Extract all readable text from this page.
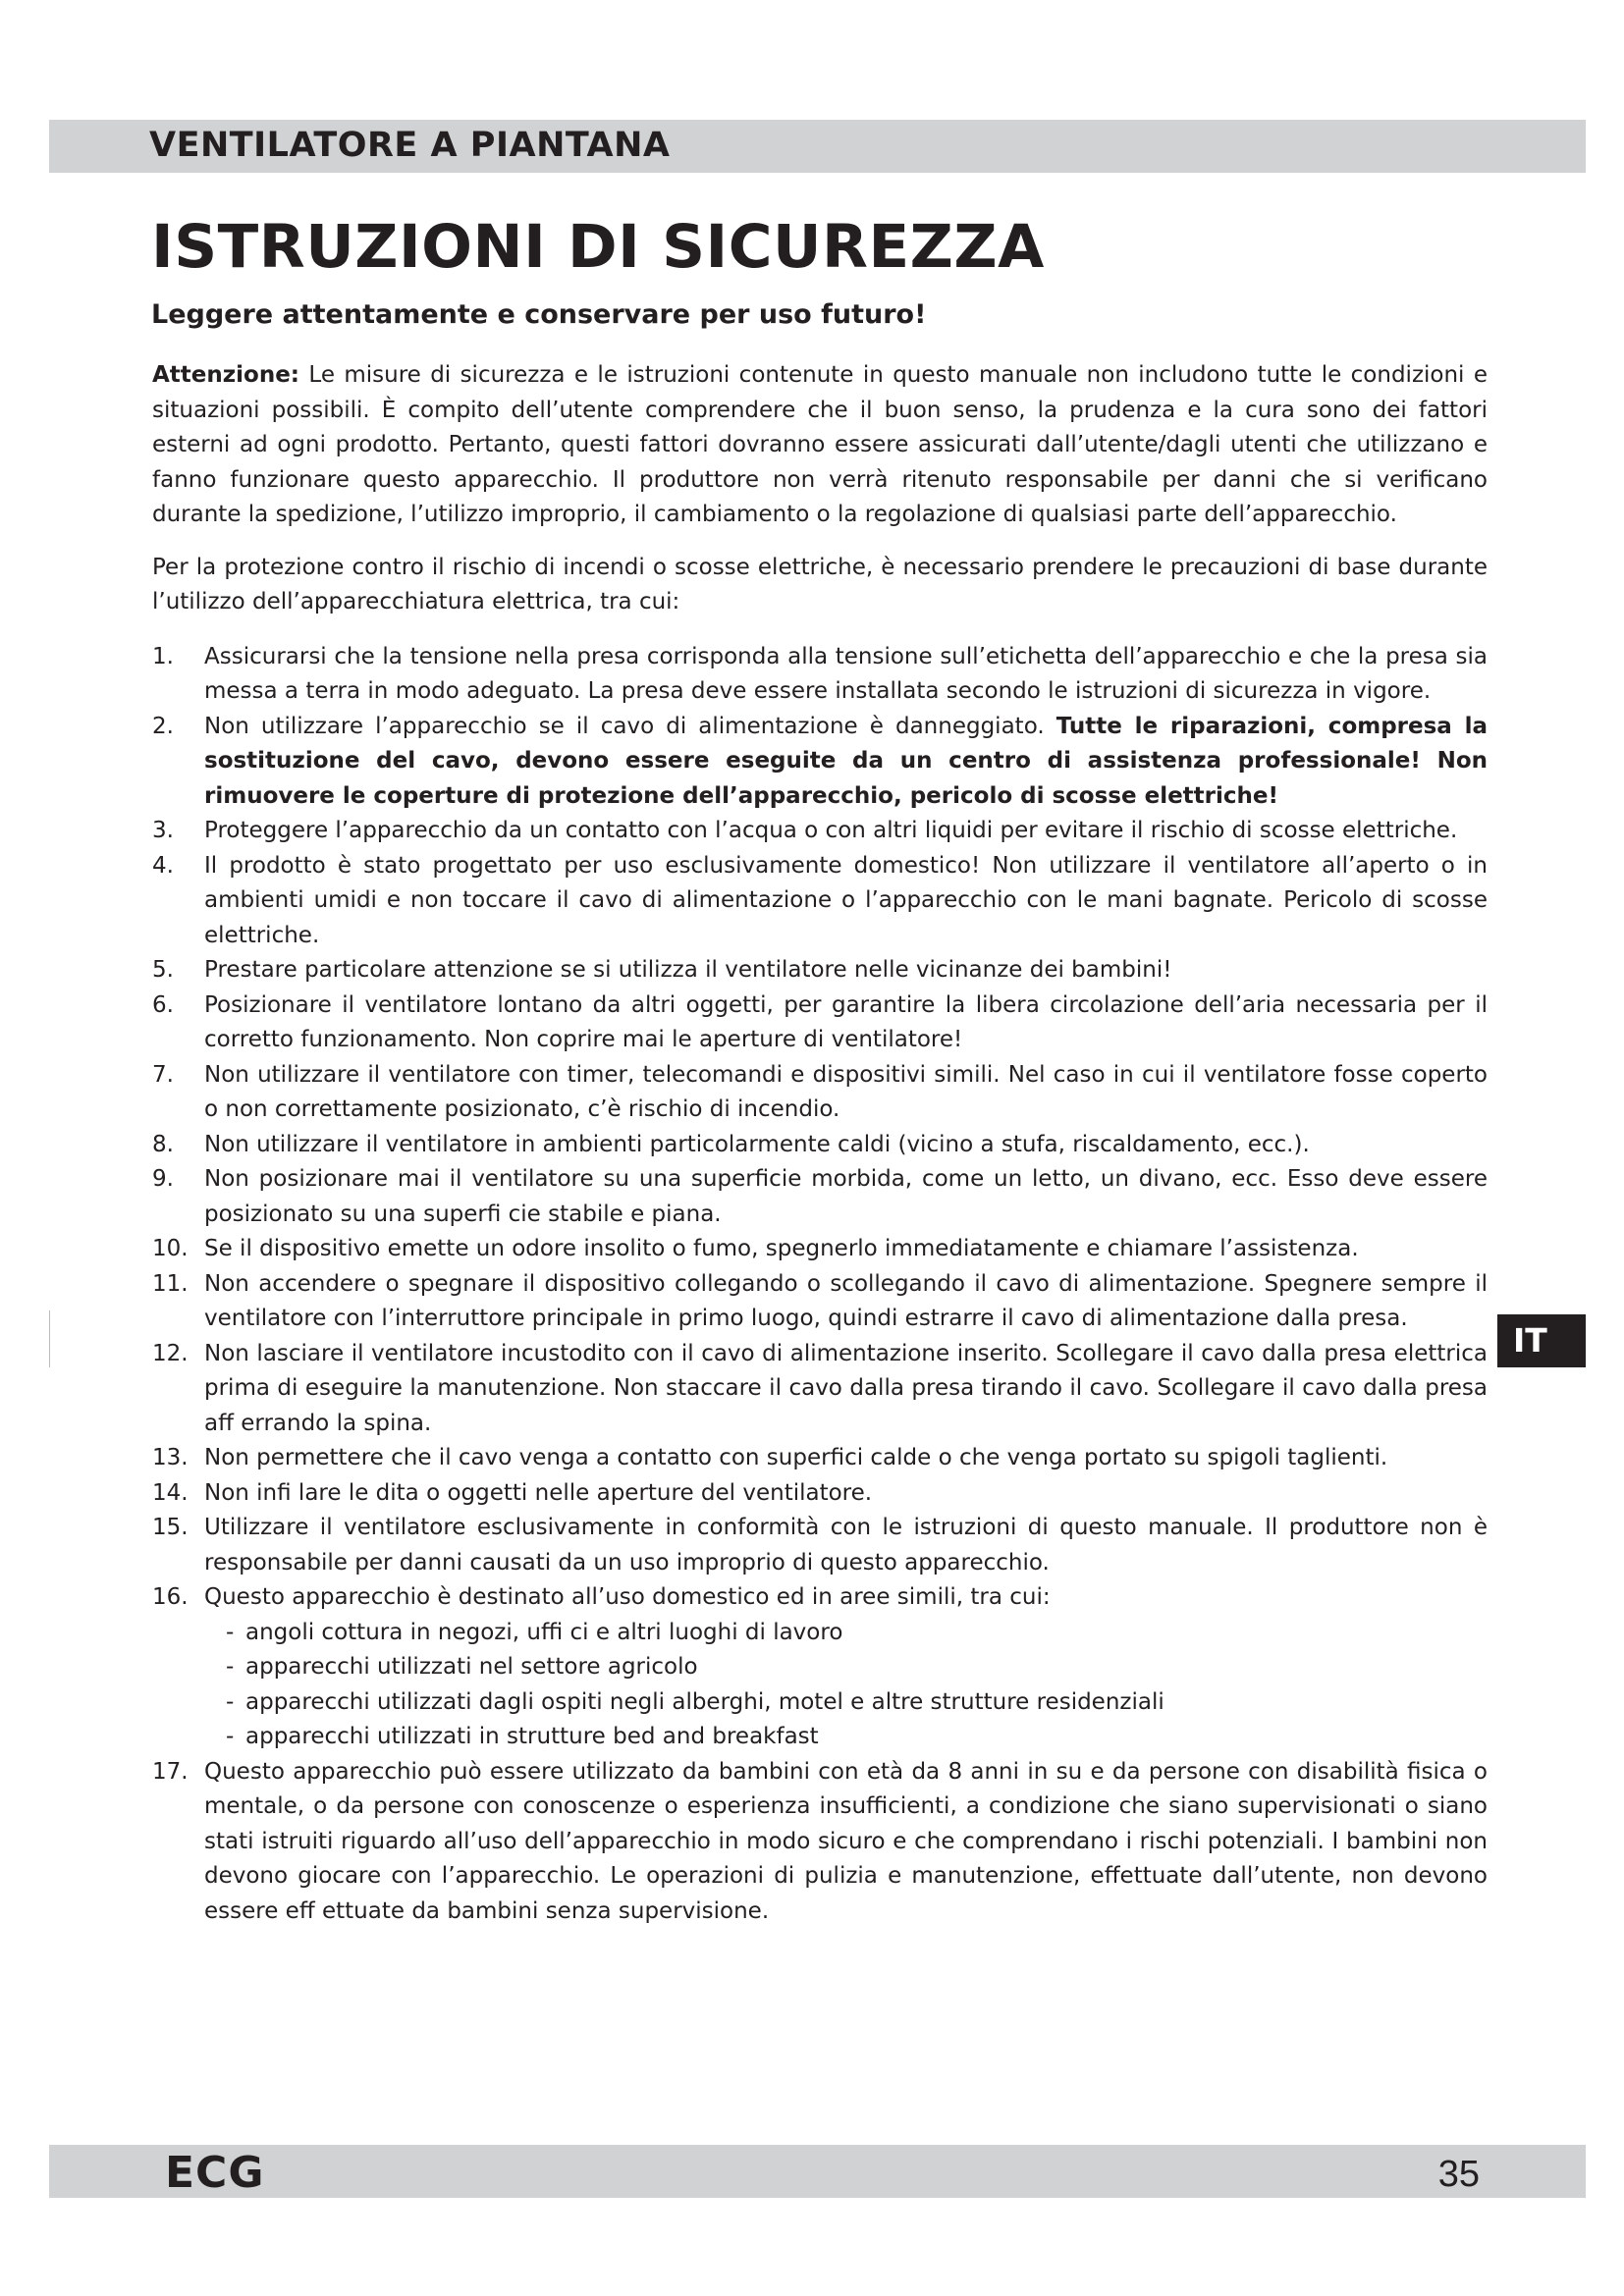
VENTILATORE A PIANTANA
ISTRUZIONI DI SICUREZZA
Leggere attentamente e conservare per uso futuro!

Attenzione: Le misure di sicurezza e le istruzioni contenute in questo manuale non includono tutte le condizioni e situazioni possibili. È compito dell’utente comprendere che il buon senso, la prudenza e la cura sono dei fattori esterni ad ogni prodotto. Pertanto, questi fattori dovranno essere assicurati dall’utente/dagli utenti che utilizzano e fanno funzionare questo apparecchio. Il produttore non verrà ritenuto responsabile per danni che si verificano durante la spedizione, l’utilizzo improprio, il cambiamento o la regolazione di qualsiasi parte dell’apparecchio.

Per la protezione contro il rischio di incendi o scosse elettriche, è necessario prendere le precauzioni di base durante l’utilizzo dell’apparecchiatura elettrica, tra cui:

1. Assicurarsi che la tensione nella presa corrisponda alla tensione sull’etichetta dell’apparecchio e che la presa sia messa a terra in modo adeguato. La presa deve essere installata secondo le istruzioni di sicurezza in vigore.
2. Non utilizzare l’apparecchio se il cavo di alimentazione è danneggiato. Tutte le riparazioni, compresa la sostituzione del cavo, devono essere eseguite da un centro di assistenza professionale! Non rimuovere le coperture di protezione dell’apparecchio, pericolo di scosse elettriche!
3. Proteggere l’apparecchio da un contatto con l’acqua o con altri liquidi per evitare il rischio di scosse elettriche.
4. Il prodotto è stato progettato per uso esclusivamente domestico! Non utilizzare il ventilatore all’aperto o in ambienti umidi e non toccare il cavo di alimentazione o l’apparecchio con le mani bagnate. Pericolo di scosse elettriche.
5. Prestare particolare attenzione se si utilizza il ventilatore nelle vicinanze dei bambini!
6. Posizionare il ventilatore lontano da altri oggetti, per garantire la libera circolazione dell’aria necessaria per il corretto funzionamento. Non coprire mai le aperture di ventilatore!
7. Non utilizzare il ventilatore con timer, telecomandi e dispositivi simili. Nel caso in cui il ventilatore fosse coperto o non correttamente posizionato, c’è rischio di incendio.
8. Non utilizzare il ventilatore in ambienti particolarmente caldi (vicino a stufa, riscaldamento, ecc.).
9. Non posizionare mai il ventilatore su una superficie morbida, come un letto, un divano, ecc. Esso deve essere posizionato su una superfi cie stabile e piana.
10. Se il dispositivo emette un odore insolito o fumo, spegnerlo immediatamente e chiamare l’assistenza.
11. Non accendere o spegnare il dispositivo collegando o scollegando il cavo di alimentazione. Spegnere sempre il ventilatore con l’interruttore principale in primo luogo, quindi estrarre il cavo di alimentazione dalla presa.
12. Non lasciare il ventilatore incustodito con il cavo di alimentazione inserito. Scollegare il cavo dalla presa elettrica prima di eseguire la manutenzione. Non staccare il cavo dalla presa tirando il cavo. Scollegare il cavo dalla presa aff errando la spina.
13. Non permettere che il cavo venga a contatto con superfici calde o che venga portato su spigoli taglienti.
14. Non infi lare le dita o oggetti nelle aperture del ventilatore.
15. Utilizzare il ventilatore esclusivamente in conformità con le istruzioni di questo manuale. Il produttore non è responsabile per danni causati da un uso improprio di questo apparecchio.
16. Questo apparecchio è destinato all’uso domestico ed in aree simili, tra cui:
- angoli cottura in negozi, uffi ci e altri luoghi di lavoro
- apparecchi utilizzati nel settore agricolo
- apparecchi utilizzati dagli ospiti negli alberghi, motel e altre strutture residenziali
- apparecchi utilizzati in strutture bed and breakfast
17. Questo apparecchio può essere utilizzato da bambini con età da 8 anni in su e da persone con disabilità fisica o mentale, o da persone con conoscenze o esperienza insufficienti, a condizione che siano supervisionati o siano stati istruiti riguardo all’uso dell’apparecchio in modo sicuro e che comprendano i rischi potenziali. I bambini non devono giocare con l’apparecchio. Le operazioni di pulizia e manutenzione, effettuate dall’utente, non devono essere eff ettuate da bambini senza supervisione.
IT
ECG	35
